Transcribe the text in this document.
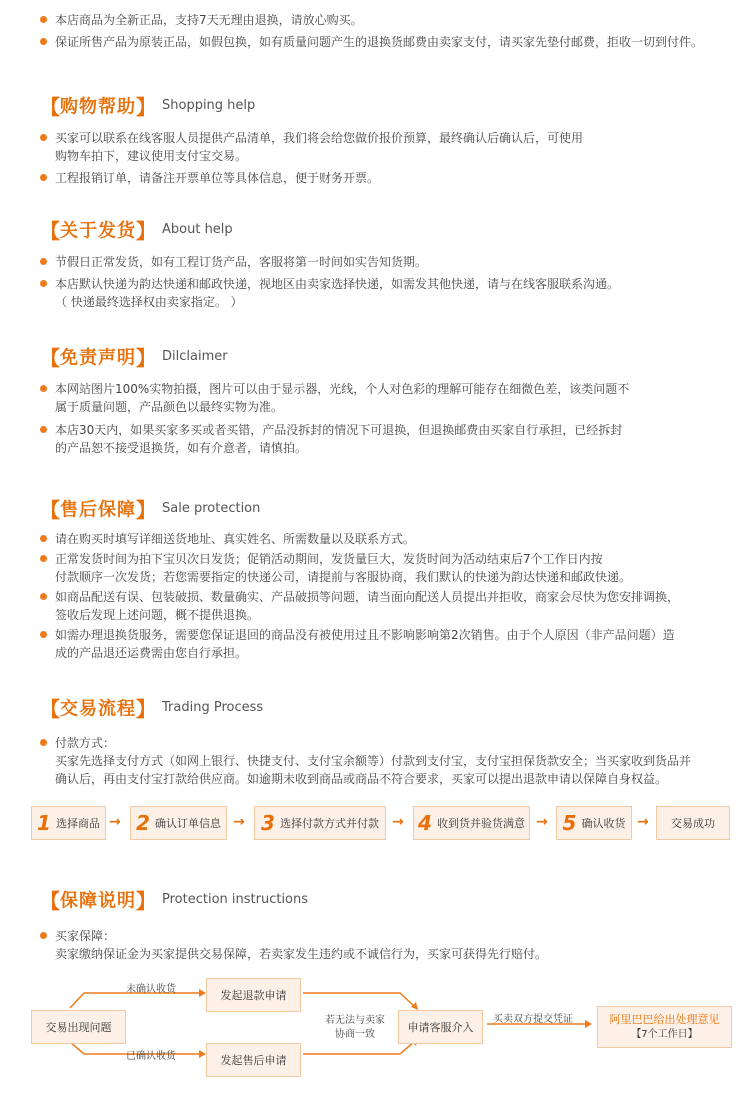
本店商品为全新正品，支持7天无理由退换，请放心购买。
保证所售产品为原装正品，如假包换，如有质量问题产生的退换货邮费由卖家支付，请买家先垫付邮费，拒收一切到付件。
【购物帮助】 Shopping help
买家可以联系在线客服人员提供产品清单，我们将会给您做价报价预算，最终确认后确认后，可使用
购物车拍下，建议使用支付宝交易。
工程报销订单，请备注开票单位等具体信息，便于财务开票。
【关于发货】 About help
节假日正常发货，如有工程订货产品，客服将第一时间如实告知货期。
本店默认快递为韵达快递和邮政快递，视地区由卖家选择快递，如需发其他快递，请与在线客服联系沟通。
（ 快递最终选择权由卖家指定。 ）
【免责声明】 Dilclaimer
本网站图片100%实物拍摄，图片可以由于显示器，光线，个人对色彩的理解可能存在细微色差，该类问题不
属于质量问题，产品颜色以最终实物为准。
本店30天内，如果买家多买或者买错，产品没拆封的情况下可退换，但退换邮费由买家自行承担，已经拆封
的产品恕不接受退换货，如有介意者，请慎拍。
【售后保障】 Sale protection
请在购买时填写详细送货地址、真实姓名、所需数量以及联系方式。
正常发货时间为拍下宝贝次日发货；促销活动期间，发货量巨大，发货时间为活动结束后7个工作日内按
付款顺序一次发货；若您需要指定的快递公司，请提前与客服协商，我们默认的快递为韵达快递和邮政快递。
如商品配送有误、包装破损、数量确实、产品破损等问题，请当面向配送人员提出并拒收，商家会尽快为您安排调换，
签收后发现上述问题，概不提供退换。
如需办理退换货服务，需要您保证退回的商品没有被使用过且不影响影响第2次销售。由于个人原因（非产品问题）造
成的产品退还运费需由您自行承担。
【交易流程】 Trading Process
付款方式：
买家先选择支付方式（如网上银行、快捷支付、支付宝余额等）付款到支付宝，支付宝担保货款安全；当买家收到货品并
确认后，再由支付宝打款给供应商。如逾期未收到商品或商品不符合要求，买家可以提出退款申请以保障自身权益。
1 选择商品 → 2 确认订单信息 → 3 选择付款方式并付款 → 4 收到货并验货满意 → 5 确认收货 → 交易成功
【保障说明】 Protection instructions
买家保障：
卖家缴纳保证金为买家提供交易保障，若卖家发生违约或不诚信行为，买家可获得先行赔付。
交易出现问题
未确认收货
已确认收货
发起退款申请
发起售后申请
若无法与卖家
协商一致
申请客服介入
买卖双方提交凭证	阿里巴巴给出处理意见
【7个工作日】
